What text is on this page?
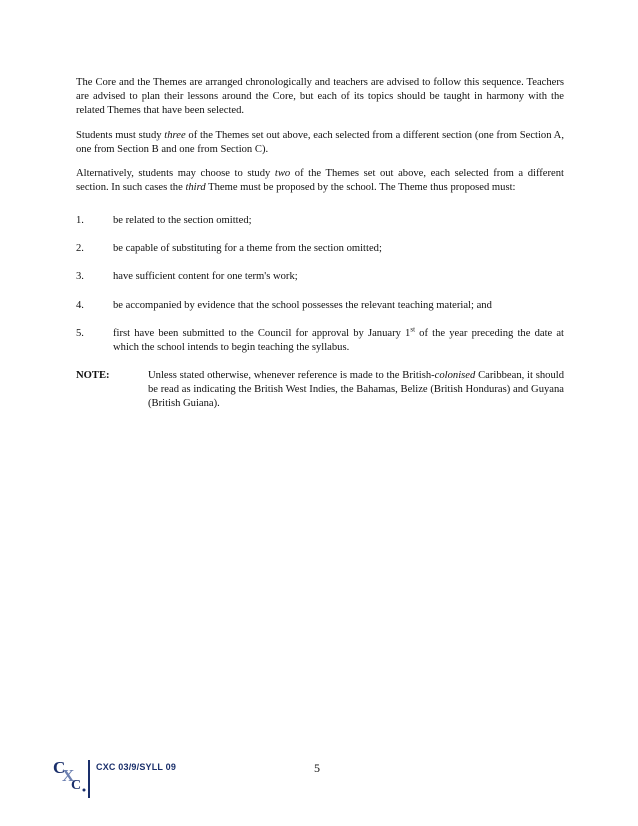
The Core and the Themes are arranged chronologically and teachers are advised to follow this sequence. Teachers are advised to plan their lessons around the Core, but each of its topics should be taught in harmony with the related Themes that have been selected.

Students must study three of the Themes set out above, each selected from a different section (one from Section A, one from Section B and one from Section C).

Alternatively, students may choose to study two of the Themes set out above, each selected from a different section. In such cases the third Theme must be proposed by the school. The Theme thus proposed must:

1.	be related to the section omitted;
2.	be capable of substituting for a theme from the section omitted;
3.	have sufficient content for one term's work;
4.	be accompanied by evidence that the school possesses the relevant teaching material; and
5.	first have been submitted to the Council for approval by January 1st of the year preceding the date at which the school intends to begin teaching the syllabus.
NOTE:	Unless stated otherwise, whenever reference is made to the British-colonised Caribbean, it should be read as indicating the British West Indies, the Bahamas, Belize (British Honduras) and Guyana (British Guiana).
C
X
C
CXC 03/9/SYLL 09	5
